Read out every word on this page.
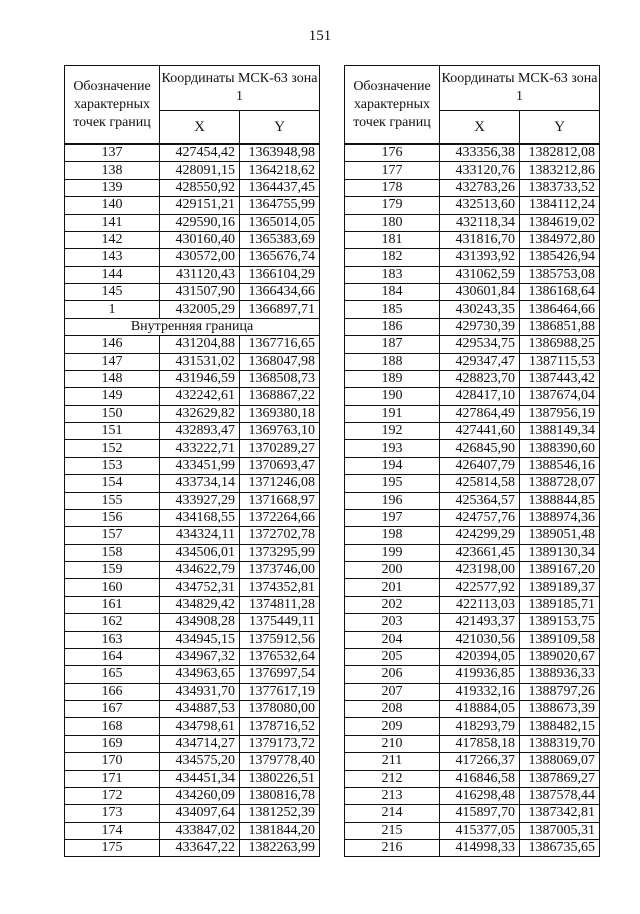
151
Обозначение характерных точек границ	Координаты МСК-63 зона 1	
	X	Y
137	427454,42	1363948,98
138	428091,15	1364218,62
139	428550,92	1364437,45
140	429151,21	1364755,99
141	429590,16	1365014,05
142	430160,40	1365383,69
143	430572,00	1365676,74
144	431120,43	1366104,29
145	431507,90	1366434,66
1	432005,29	1366897,71
Внутренняя граница		
146	431204,88	1367716,65
147	431531,02	1368047,98
148	431946,59	1368508,73
149	432242,61	1368867,22
150	432629,82	1369380,18
151	432893,47	1369763,10
152	433222,71	1370289,27
153	433451,99	1370693,47
154	433734,14	1371246,08
155	433927,29	1371668,97
156	434168,55	1372264,66
157	434324,11	1372702,78
158	434506,01	1373295,99
159	434622,79	1373746,00
160	434752,31	1374352,81
161	434829,42	1374811,28
162	434908,28	1375449,11
163	434945,15	1375912,56
164	434967,32	1376532,64
165	434963,65	1376997,54
166	434931,70	1377617,19
167	434887,53	1378080,00
168	434798,61	1378716,52
169	434714,27	1379173,72
170	434575,20	1379778,40
171	434451,34	1380226,51
172	434260,09	1380816,78
173	434097,64	1381252,39
174	433847,02	1381844,20
175	433647,22	1382263,99
Обозначение характерных точек границ	Координаты МСК-63 зона 1	
	X	Y
176	433356,38	1382812,08
177	433120,76	1383212,86
178	432783,26	1383733,52
179	432513,60	1384112,24
180	432118,34	1384619,02
181	431816,70	1384972,80
182	431393,92	1385426,94
183	431062,59	1385753,08
184	430601,84	1386168,64
185	430243,35	1386464,66
186	429730,39	1386851,88
187	429534,75	1386988,25
188	429347,47	1387115,53
189	428823,70	1387443,42
190	428417,10	1387674,04
191	427864,49	1387956,19
192	427441,60	1388149,34
193	426845,90	1388390,60
194	426407,79	1388546,16
195	425814,58	1388728,07
196	425364,57	1388844,85
197	424757,76	1388974,36
198	424299,29	1389051,48
199	423661,45	1389130,34
200	423198,00	1389167,20
201	422577,92	1389189,37
202	422113,03	1389185,71
203	421493,37	1389153,75
204	421030,56	1389109,58
205	420394,05	1389020,67
206	419936,85	1388936,33
207	419332,16	1388797,26
208	418884,05	1388673,39
209	418293,79	1388482,15
210	417858,18	1388319,70
211	417266,37	1388069,07
212	416846,58	1387869,27
213	416298,48	1387578,44
214	415897,70	1387342,81
215	415377,05	1387005,31
216	414998,33	1386735,65
